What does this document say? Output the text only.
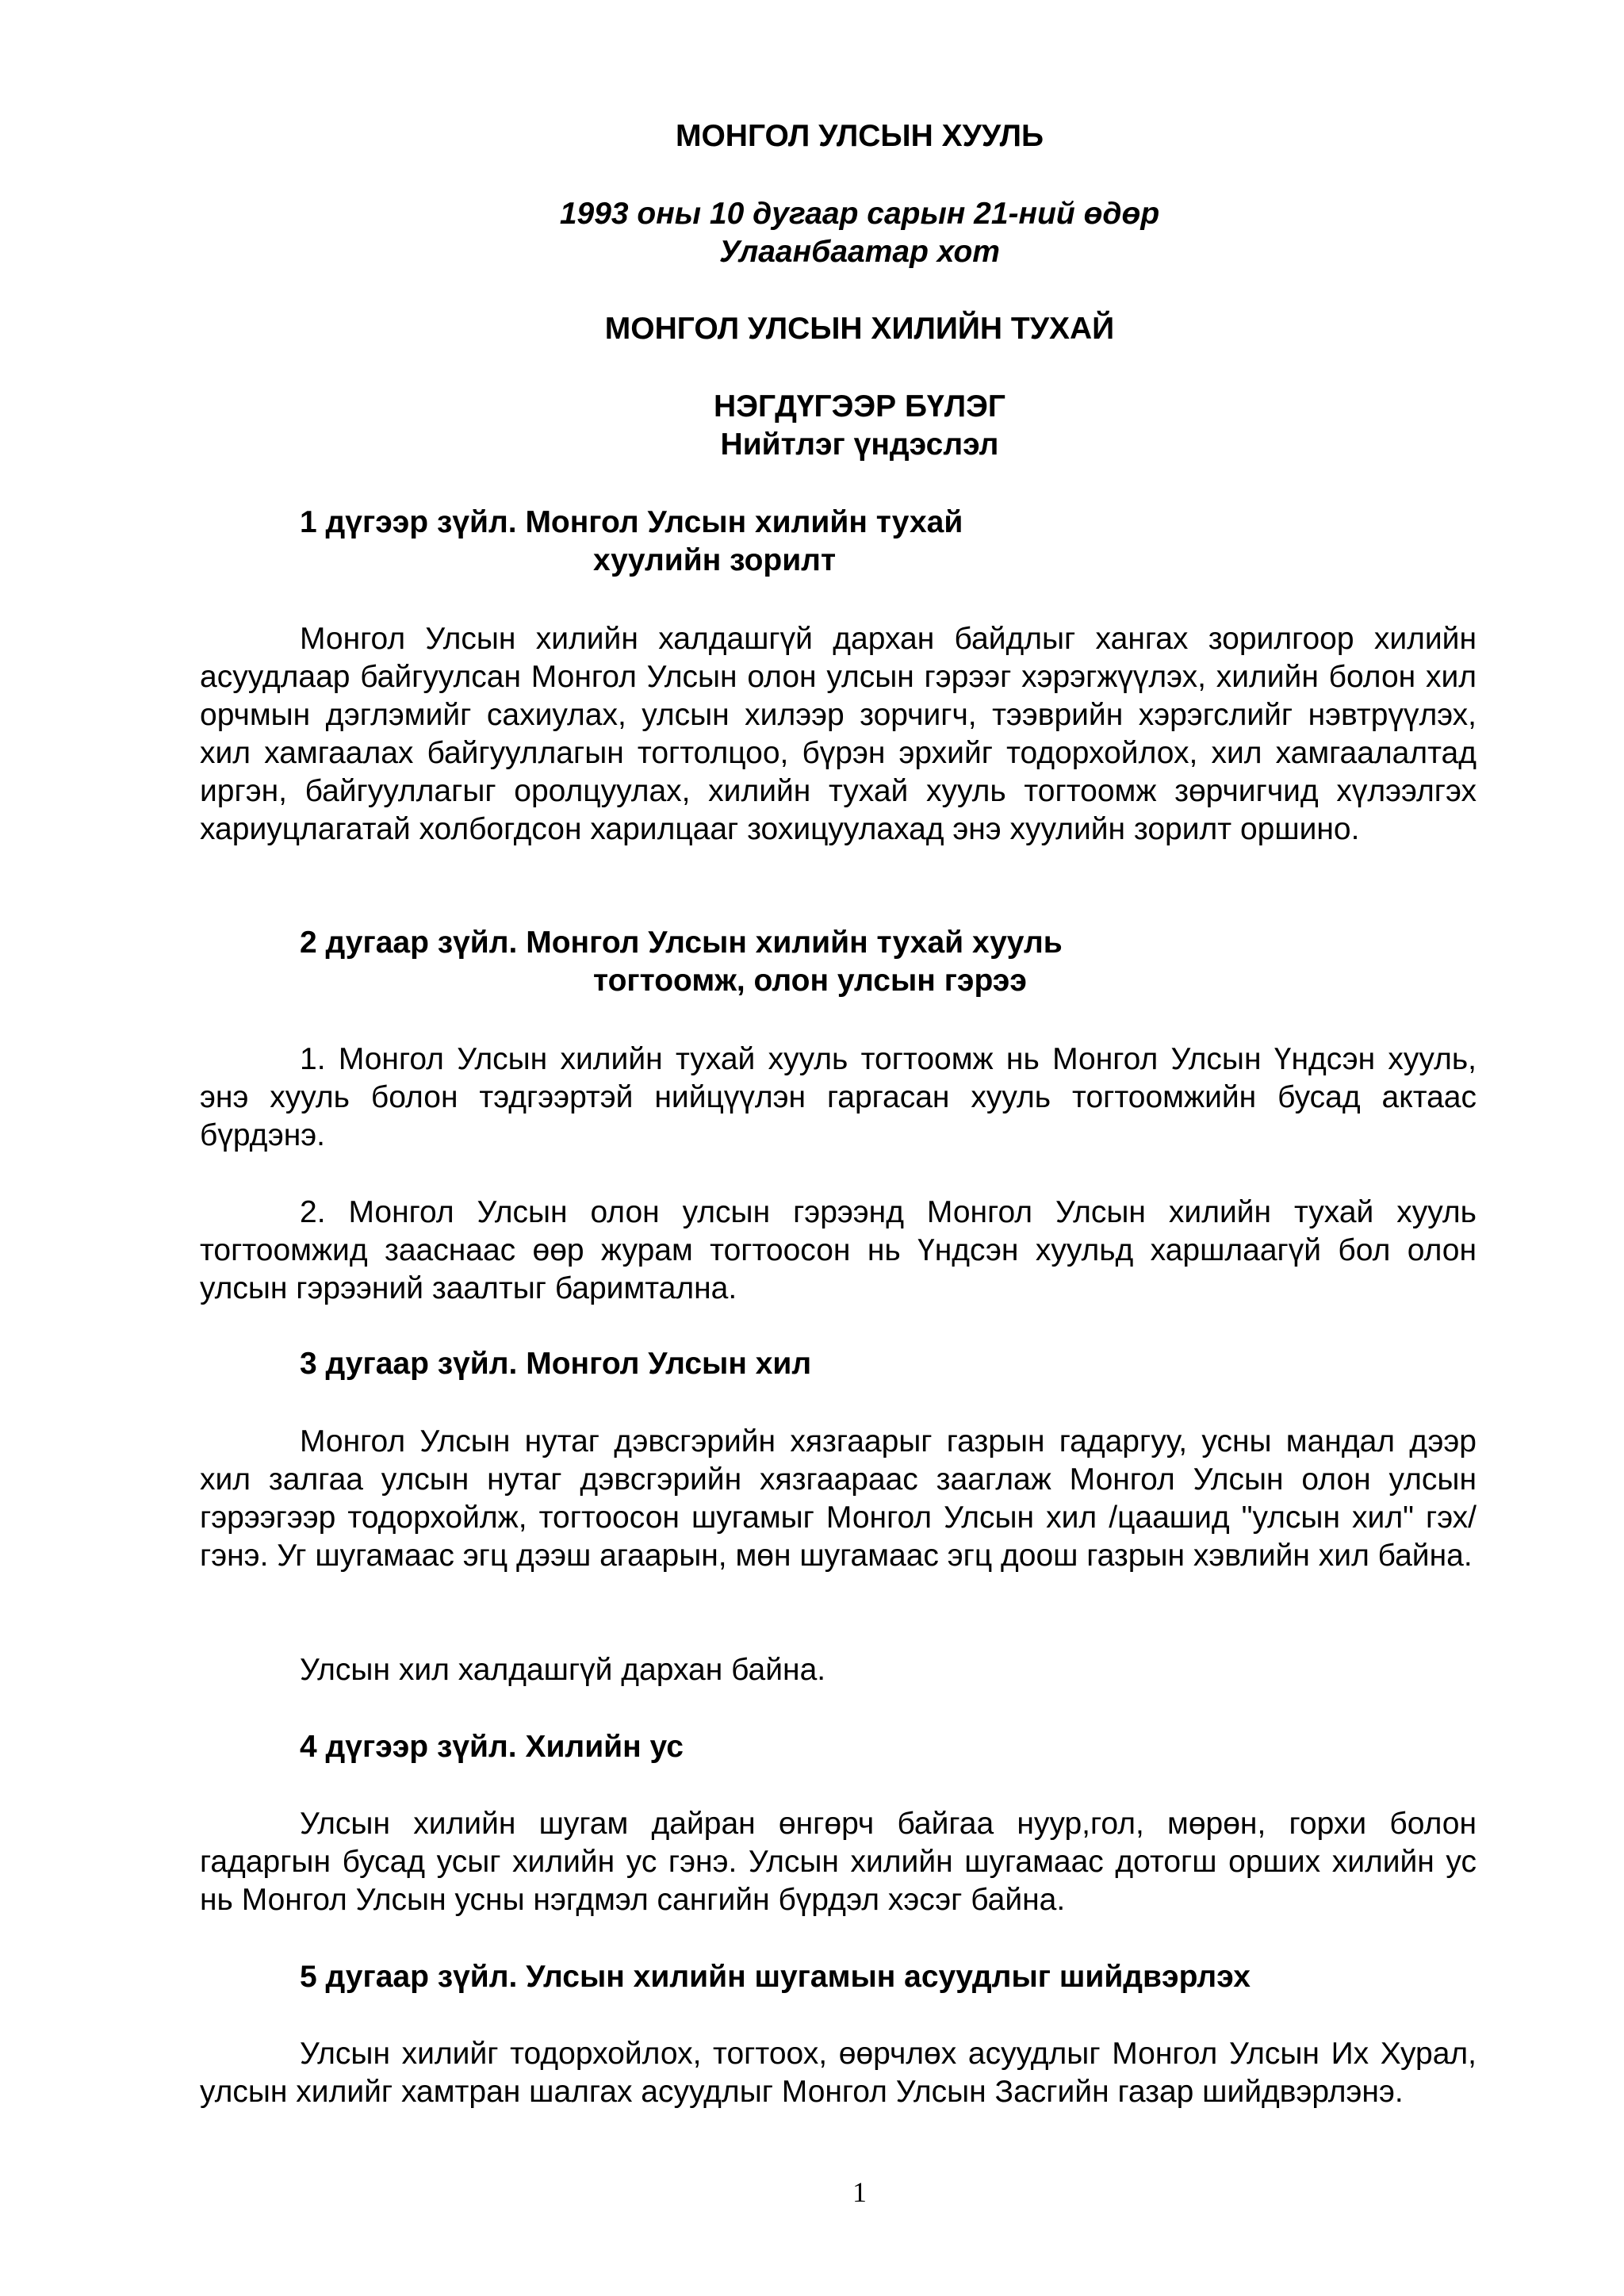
МОНГОЛ УЛСЫН ХУУЛЬ
1993 оны 10 дугаар сарын 21-ний өдөр
Улаанбаатар хот
МОНГОЛ УЛСЫН ХИЛИЙН ТУХАЙ
НЭГДҮГЭЭР БҮЛЭГ
Нийтлэг үндэслэл
1 дүгээр зүйл. Монгол Улсын хилийн тухай
хуулийн зорилт
Монгол Улсын хилийн халдашгүй дархан байдлыг хангах зорилгоор хилийн асуудлаар байгуулсан Монгол Улсын олон улсын гэрээг хэрэгжүүлэх, хилийн болон хил орчмын дэглэмийг сахиулах, улсын хилээр зорчигч, тээврийн хэрэгслийг нэвтрүүлэх, хил хамгаалах байгууллагын тогтолцоо, бүрэн эрхийг тодорхойлох, хил хамгаалалтад иргэн, байгууллагыг оролцуулах, хилийн тухай хууль тогтоомж зөрчигчид хүлээлгэх хариуцлагатай холбогдсон харилцааг зохицуулахад энэ хуулийн зорилт оршино.
2 дугаар зүйл. Монгол Улсын хилийн тухай хууль
тогтоомж, олон улсын гэрээ
1. Монгол Улсын хилийн тухай хууль тогтоомж нь Монгол Улсын Үндсэн хууль, энэ хууль болон тэдгээртэй нийцүүлэн гаргасан хууль тогтоомжийн бусад актаас бүрдэнэ.
2. Монгол Улсын олон улсын гэрээнд Монгол Улсын хилийн тухай хууль тогтоомжид зааснаас өөр журам тогтоосон нь Үндсэн хуульд харшлаагүй бол олон улсын гэрээний заалтыг баримтална.
3 дугаар зүйл. Монгол Улсын хил
Монгол Улсын нутаг дэвсгэрийн хязгаарыг газрын гадаргуу, усны мандал дээр хил залгаа улсын нутаг дэвсгэрийн хязгаараас зааглаж Монгол Улсын олон улсын гэрээгээр тодорхойлж, тогтоосон шугамыг Монгол Улсын хил /цаашид "улсын хил" гэх/ гэнэ. Уг шугамаас эгц дээш агаарын, мөн шугамаас эгц доош газрын хэвлийн хил байна.
Улсын хил халдашгүй дархан байна.
4 дүгээр зүйл. Хилийн ус
Улсын хилийн шугам дайран өнгөрч байгаа нуур,гол, мөрөн, горхи болон гадаргын бусад усыг хилийн ус гэнэ. Улсын хилийн шугамаас дотогш орших хилийн ус нь Монгол Улсын усны нэгдмэл сангийн бүрдэл хэсэг байна.
5 дугаар зүйл. Улсын хилийн шугамын асуудлыг шийдвэрлэх
Улсын хилийг тодорхойлох, тогтоох, өөрчлөх асуудлыг Монгол Улсын Их Хурал, улсын хилийг хамтран шалгах асуудлыг Монгол Улсын Засгийн газар шийдвэрлэнэ.
1
